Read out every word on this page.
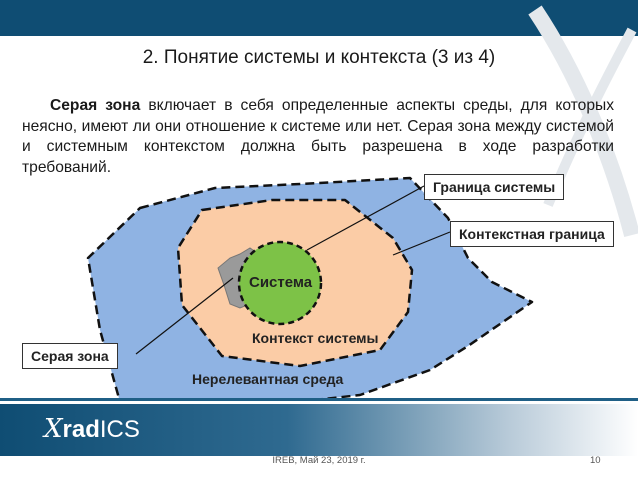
2. Понятие системы и контекста (3 из 4)
Серая зона включает в себя определенные аспекты среды, для которых неясно, имеют ли они отношение к системе или нет. Серая зона между системой и системным контекстом должна быть разрешена в ходе разработки требований.
Система
Контекст системы
Нерелевантная среда
Граница системы
Контекстная граница
Серая зона
XradICS
IREB, Май 23, 2019 г.	10
